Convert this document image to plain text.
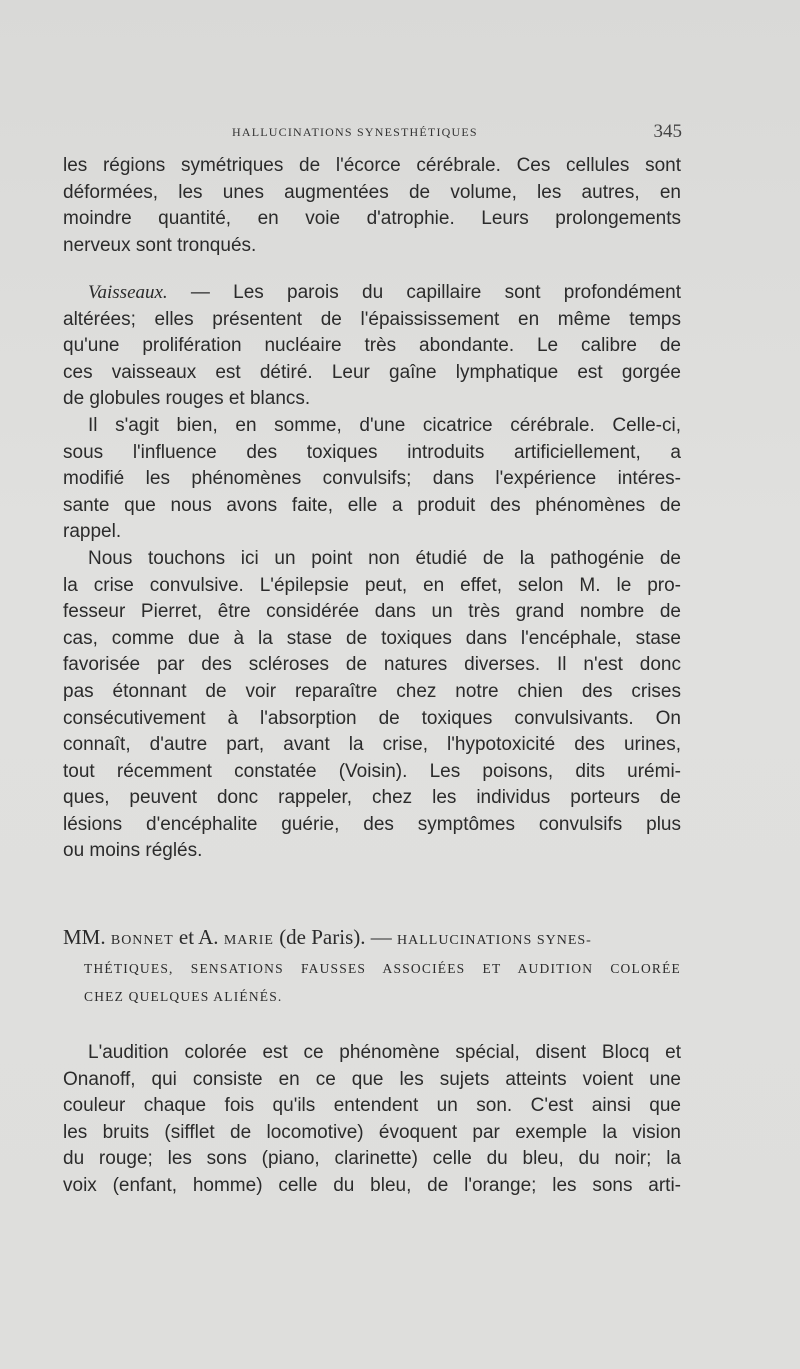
HALLUCINATIONS SYNESTHÉTIQUES	345
les régions symétriques de l'écorce cérébrale. Ces cellules sont
déformées, les unes augmentées de volume, les autres, en
moindre quantité, en voie d'atrophie. Leurs prolongements
nerveux sont tronqués.
Vaisseaux. — Les parois du capillaire sont profondément
altérées; elles présentent de l'épaississement en même temps
qu'une prolifération nucléaire très abondante. Le calibre de
ces vaisseaux est détiré. Leur gaîne lymphatique est gorgée
de globules rouges et blancs.
Il s'agit bien, en somme, d'une cicatrice cérébrale. Celle-ci,
sous l'influence des toxiques introduits artificiellement, a
modifié les phénomènes convulsifs; dans l'expérience intéres-
sante que nous avons faite, elle a produit des phénomènes de
rappel.
Nous touchons ici un point non étudié de la pathogénie de
la crise convulsive. L'épilepsie peut, en effet, selon M. le pro-
fesseur Pierret, être considérée dans un très grand nombre de
cas, comme due à la stase de toxiques dans l'encéphale, stase
favorisée par des scléroses de natures diverses. Il n'est donc
pas étonnant de voir reparaître chez notre chien des crises
consécutivement à l'absorption de toxiques convulsivants. On
connaît, d'autre part, avant la crise, l'hypotoxicité des urines,
tout récemment constatée (Voisin). Les poisons, dits urémi-
ques, peuvent donc rappeler, chez les individus porteurs de
lésions d'encéphalite guérie, des symptômes convulsifs plus
ou moins réglés.
MM. BONNET et A. MARIE (de Paris). — HALLUCINATIONS SYNES-
THÉTIQUES, SENSATIONS FAUSSES ASSOCIÉES ET AUDITION COLORÉE
CHEZ QUELQUES ALIÉNÉS.
L'audition colorée est ce phénomène spécial, disent Blocq et
Onanoff, qui consiste en ce que les sujets atteints voient une
couleur chaque fois qu'ils entendent un son. C'est ainsi que
les bruits (sifflet de locomotive) évoquent par exemple la vision
du rouge; les sons (piano, clarinette) celle du bleu, du noir; la
voix (enfant, homme) celle du bleu, de l'orange; les sons arti-
